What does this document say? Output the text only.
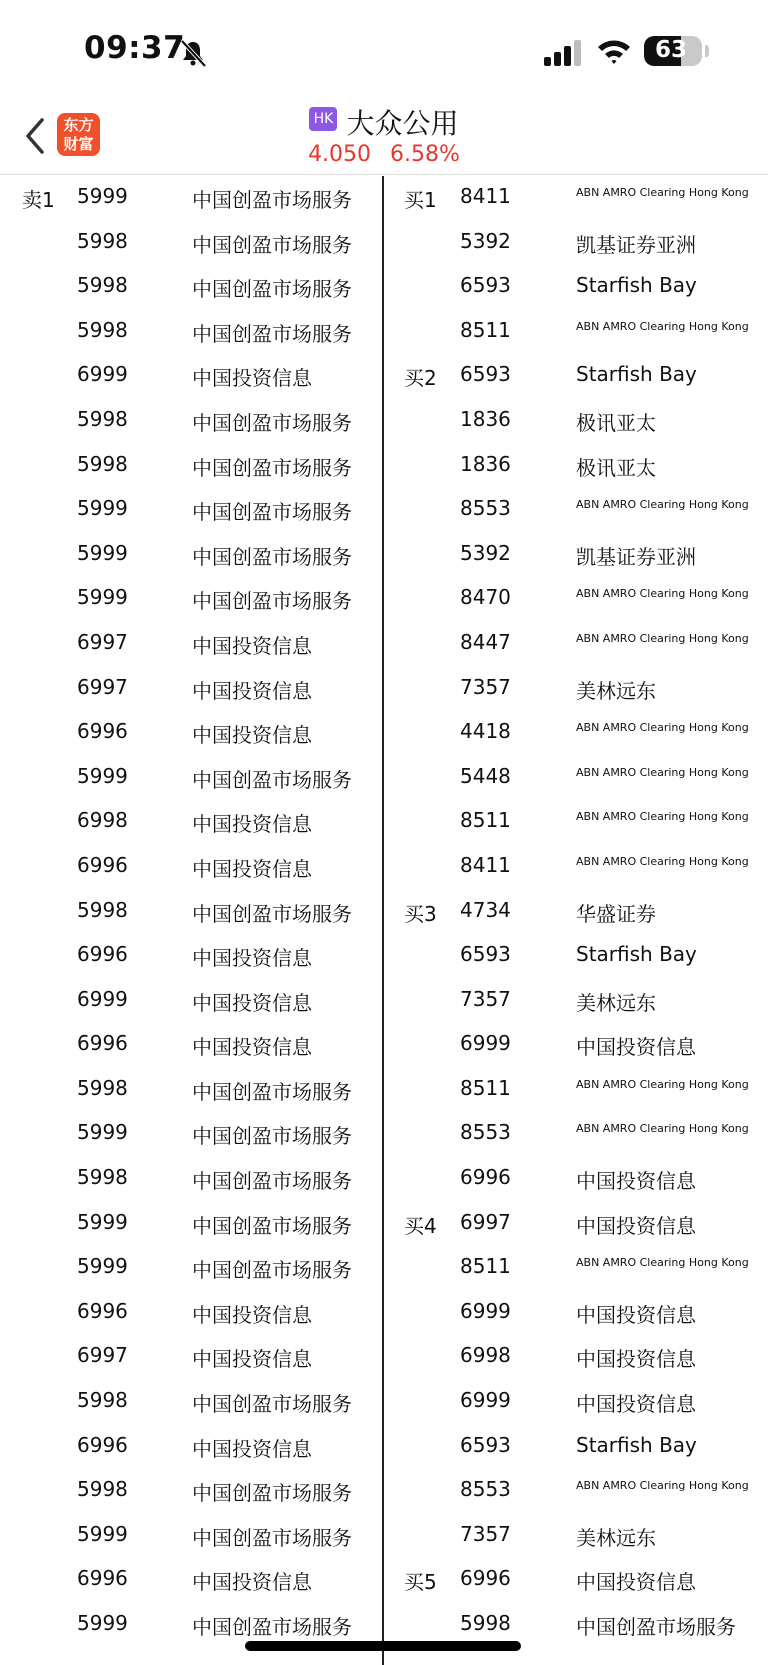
09:37	63
东方
财富
HK 大众公用
4.050 6.58%
卖1 5999	中国创盈市场服务	买1 8411	ABN AMRO Clearing Hong Kong
5998	中国创盈市场服务	5392	凯基证券亚洲
5998	中国创盈市场服务	6593	Starfish Bay
5998	中国创盈市场服务	8511	ABN AMRO Clearing Hong Kong
6999	中国投资信息	买2 6593	Starfish Bay
5998	中国创盈市场服务	1836	极讯亚太
5998	中国创盈市场服务	1836	极讯亚太
5999	中国创盈市场服务	8553	ABN AMRO Clearing Hong Kong
5999	中国创盈市场服务	5392	凯基证券亚洲
5999	中国创盈市场服务	8470	ABN AMRO Clearing Hong Kong
6997	中国投资信息	8447	ABN AMRO Clearing Hong Kong
6997	中国投资信息	7357	美林远东
6996	中国投资信息	4418	ABN AMRO Clearing Hong Kong
5999	中国创盈市场服务	5448	ABN AMRO Clearing Hong Kong
6998	中国投资信息	8511	ABN AMRO Clearing Hong Kong
6996	中国投资信息	8411	ABN AMRO Clearing Hong Kong
5998	中国创盈市场服务	买3 4734	华盛证券
6996	中国投资信息	6593	Starfish Bay
6999	中国投资信息	7357	美林远东
6996	中国投资信息	6999	中国投资信息
5998	中国创盈市场服务	8511	ABN AMRO Clearing Hong Kong
5999	中国创盈市场服务	8553	ABN AMRO Clearing Hong Kong
5998	中国创盈市场服务	6996	中国投资信息
5999	中国创盈市场服务	买4 6997	中国投资信息
5999	中国创盈市场服务	8511	ABN AMRO Clearing Hong Kong
6996	中国投资信息	6999	中国投资信息
6997	中国投资信息	6998	中国投资信息
5998	中国创盈市场服务	6999	中国投资信息
6996	中国投资信息	6593	Starfish Bay
5998	中国创盈市场服务	8553	ABN AMRO Clearing Hong Kong
5999	中国创盈市场服务	7357	美林远东
6996	中国投资信息	买5 6996	中国投资信息
5999	中国创盈市场服务	5998	中国创盈市场服务
